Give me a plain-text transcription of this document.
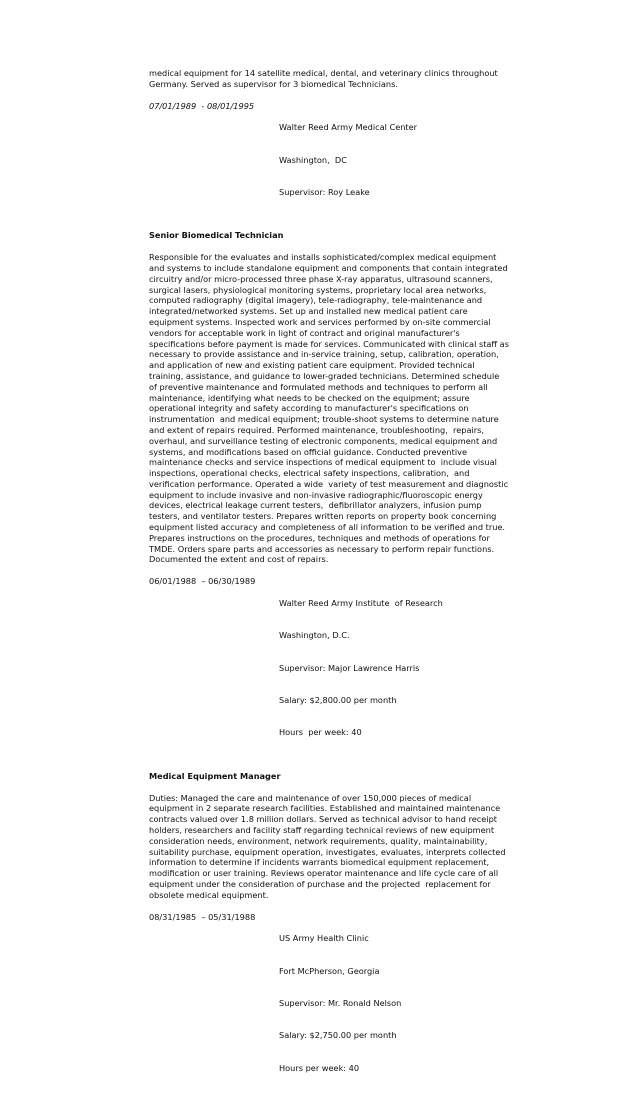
medical equipment for 14 satellite medical, dental, and veterinary clinics throughout
Germany. Served as supervisor for 3 biomedical Technicians.
07/01/1989  - 08/01/1995

Walter Reed Army Medical Center

Washington,  DC

Supervisor: Roy Leake

Senior Biomedical Technician
Responsible for the evaluates and installs sophisticated/complex medical equipment
and systems to include standalone equipment and components that contain integrated
circuitry and/or micro-processed three phase X-ray apparatus, ultrasound scanners,
surgical lasers, physiological monitoring systems, proprietary local area networks,
computed radiography (digital imagery), tele-radiography, tele-maintenance and
integrated/networked systems. Set up and installed new medical patient care
equipment systems. Inspected work and services performed by on-site commercial
vendors for acceptable work in light of contract and original manufacturer's
specifications before payment is made for services. Communicated with clinical staff as
necessary to provide assistance and in-service training, setup, calibration, operation,
and application of new and existing patient care equipment. Provided technical
training, assistance, and guidance to lower-graded technicians. Determined schedule
of preventive maintenance and formulated methods and techniques to perform all
maintenance, identifying what needs to be checked on the equipment; assure
operational integrity and safety according to manufacturer's specifications on
instrumentation  and medical equipment; trouble-shoot systems to determine nature
and extent of repairs required. Performed maintenance, troubleshooting,  repairs,
overhaul, and surveillance testing of electronic components, medical equipment and
systems, and modifications based on official guidance. Conducted preventive
maintenance checks and service inspections of medical equipment to  include visual
inspections, operational checks, electrical safety inspections, calibration,  and
verification performance. Operated a wide  variety of test measurement and diagnostic
equipment to include invasive and non-invasive radiographic/fluoroscopic energy
devices, electrical leakage current testers,  defibrillator analyzers, infusion pump
testers, and ventilator testers. Prepares written reports on property book concerning
equipment listed accuracy and completeness of all information to be verified and true.
Prepares instructions on the procedures, techniques and methods of operations for
TMDE. Orders spare parts and accessories as necessary to perform repair functions.
Documented the extent and cost of repairs.
06/01/1988  – 06/30/1989

Walter Reed Army Institute  of Research

Washington, D.C.

Supervisor: Major Lawrence Harris

Salary: $2,800.00 per month

Hours  per week: 40

Medical Equipment Manager
Duties: Managed the care and maintenance of over 150,000 pieces of medical
equipment in 2 separate research facilities. Established and maintained maintenance
contracts valued over 1.8 million dollars. Served as technical advisor to hand receipt
holders, researchers and facility staff regarding technical reviews of new equipment
consideration needs, environment, network requirements, quality, maintainability,
suitability purchase, equipment operation, investigates, evaluates, interprets collected
information to determine if incidents warrants biomedical equipment replacement,
modification or user training. Reviews operator maintenance and life cycle care of all
equipment under the consideration of purchase and the projected  replacement for
obsolete medical equipment.
08/31/1985  – 05/31/1988

US Army Health Clinic

Fort McPherson, Georgia

Supervisor: Mr. Ronald Nelson

Salary: $2,750.00 per month

Hours per week: 40
